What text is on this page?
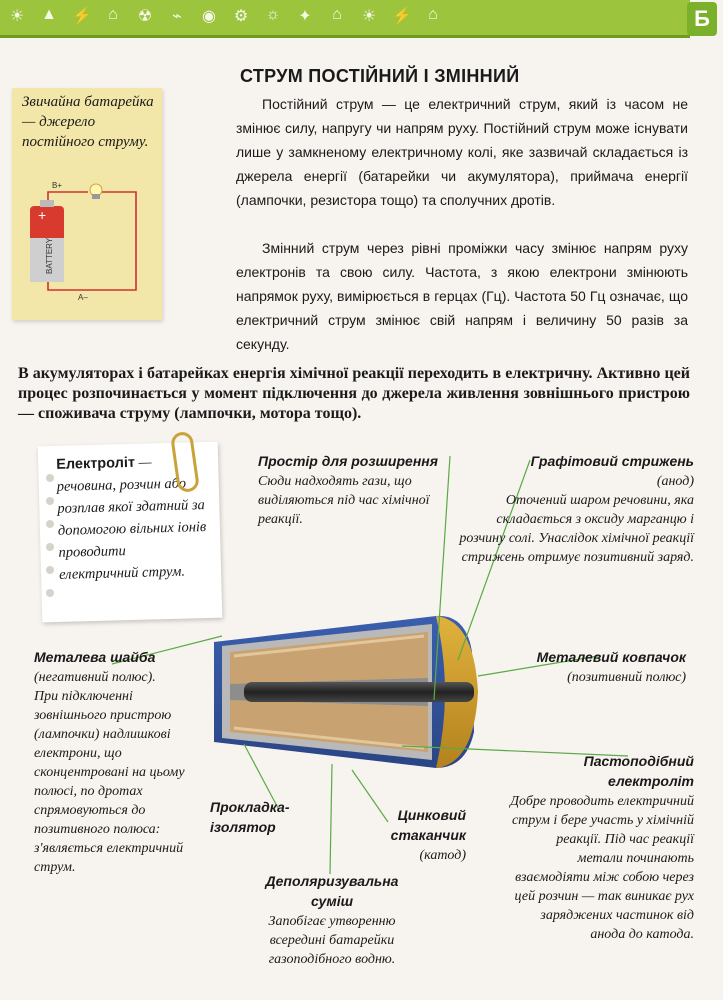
☀ ▲ ⚡ ⌂ ☢ ⌁ ◉ ⚙ ☼ ✦ ⌂ ☀ ⚡ ⌂	Б
Звичайна батарейка — джерело постійного струму.
+
BATTERY
B+
A–
СТРУМ ПОСТІЙНИЙ І ЗМІННИЙ

Постійний струм — це електричний струм, який із часом не змінює силу, напругу чи напрям руху. Постійний струм може існувати лише у замкненому електричному колі, яке зазвичай складається із джерела енергії (батарейки чи акумулятора), приймача енергії (лампочки, резистора тощо) та сполучних дротів.

Змінний струм через рівні проміжки часу змінює напрям руху електронів та свою силу. Частота, з якою електрони змінюють напрямок руху, вимірюється в герцах (Гц). Частота 50 Гц означає, що електричний струм змінює свій напрям і величину 50 разів за секунду.

В акумуляторах і батарейках енергія хімічної реакції переходить в електричну. Активно цей процес розпочинається у момент підключення до джерела живлення зовнішнього пристрою — споживача струму (лампочки, мотора тощо).

Електроліт — речовина, розчин або розплав якої здатний за допомогою вільних іонів проводити електричний струм.
Простір для розширення
Сюди надходять гази, що виділяються під час хімічної реакції.
Графітовий стрижень
(анод)
Оточений шаром речовини, яка складається з оксиду марганцю і розчину солі. Унаслідок хімічної реакції стрижень отримує позитивний заряд.
Металева шайба
(негативний полюс).
При підключенні зовнішнього пристрою (лампочки) надлишкові електрони, що сконцентровані на цьому полюсі, по дротах спрямовуються до позитивного полюса: з'являється електричний струм.
Металевий ковпачок
(позитивний полюс)
Пастоподібний електроліт
Добре проводить електричний струм і бере участь у хімічній реакції. Під час реакції метали починають взаємодіяти між собою через цей розчин — так виникає рух заряджених частинок від анода до катода.
Прокладка-ізолятор
Цинковий стаканчик
(катод)
Деполяризувальна суміш
Запобігає утворенню всередині батарейки газоподібного водню.
